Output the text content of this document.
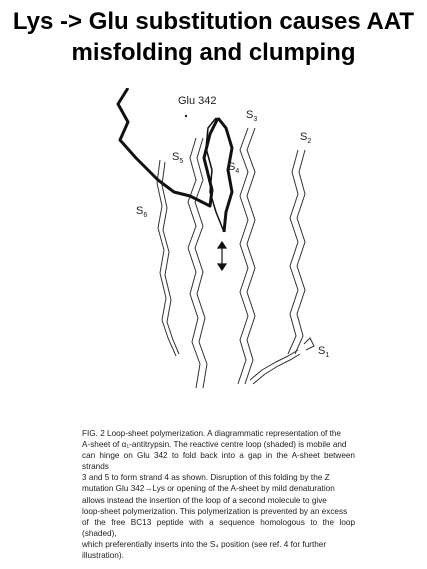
Lys -> Glu substitution causes AAT
misfolding and clumping
Glu 342
$S_3$
$S_2$
$S_5$	$S_4$
$S_6$
$S_1$
FIG. 2 Loop-sheet polymerization. A diagrammatic representation of the
A-sheet of α₁-antitrypsin. The reactive centre loop (shaded) is mobile and
can hinge on Glu 342 to fold back into a gap in the A-sheet between strands
3 and 5 to form strand 4 as shown. Disruption of this folding by the Z
mutation Glu 342→Lys or opening of the A-sheet by mild denaturation
allows instead the insertion of the loop of a second molecule to give
loop-sheet polymerization. This polymerization is prevented by an excess
of the free BC13 peptide with a sequence homologous to the loop (shaded),
which preferentially inserts into the S₄ position (see ref. 4 for further
illustration).
